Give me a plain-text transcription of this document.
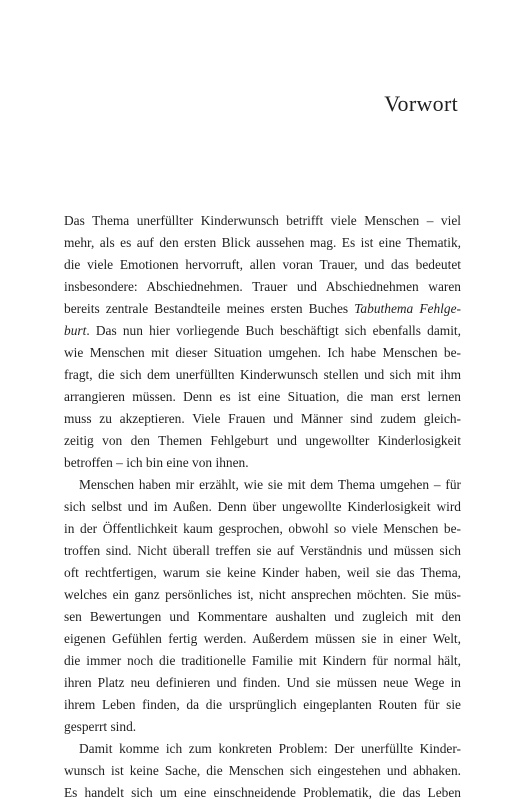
Vorwort
Das Thema unerfüllter Kinderwunsch betrifft viele Menschen – viel
mehr, als es auf den ersten Blick aussehen mag. Es ist eine Thematik,
die viele Emotionen hervorruft, allen voran Trauer, und das bedeutet
insbesondere: Abschiednehmen. Trauer und Abschiednehmen waren
bereits zentrale Bestandteile meines ersten Buches Tabuthema Fehlge-
burt. Das nun hier vorliegende Buch beschäftigt sich ebenfalls damit,
wie Menschen mit dieser Situation umgehen. Ich habe Menschen be-
fragt, die sich dem unerfüllten Kinderwunsch stellen und sich mit ihm
arrangieren müssen. Denn es ist eine Situation, die man erst lernen
muss zu akzeptieren. Viele Frauen und Männer sind zudem gleich-
zeitig von den Themen Fehlgeburt und ungewollter Kinderlosigkeit
betroffen – ich bin eine von ihnen.
Menschen haben mir erzählt, wie sie mit dem Thema umgehen – für
sich selbst und im Außen. Denn über ungewollte Kinderlosigkeit wird
in der Öffentlichkeit kaum gesprochen, obwohl so viele Menschen be-
troffen sind. Nicht überall treffen sie auf Verständnis und müssen sich
oft rechtfertigen, warum sie keine Kinder haben, weil sie das Thema,
welches ein ganz persönliches ist, nicht ansprechen möchten. Sie müs-
sen Bewertungen und Kommentare aushalten und zugleich mit den
eigenen Gefühlen fertig werden. Außerdem müssen sie in einer Welt,
die immer noch die traditionelle Familie mit Kindern für normal hält,
ihren Platz neu definieren und finden. Und sie müssen neue Wege in
ihrem Leben finden, da die ursprünglich eingeplanten Routen für sie
gesperrt sind.
Damit komme ich zum konkreten Problem: Der unerfüllte Kinder-
wunsch ist keine Sache, die Menschen sich eingestehen und abhaken.
Es handelt sich um eine einschneidende Problematik, die das Leben
